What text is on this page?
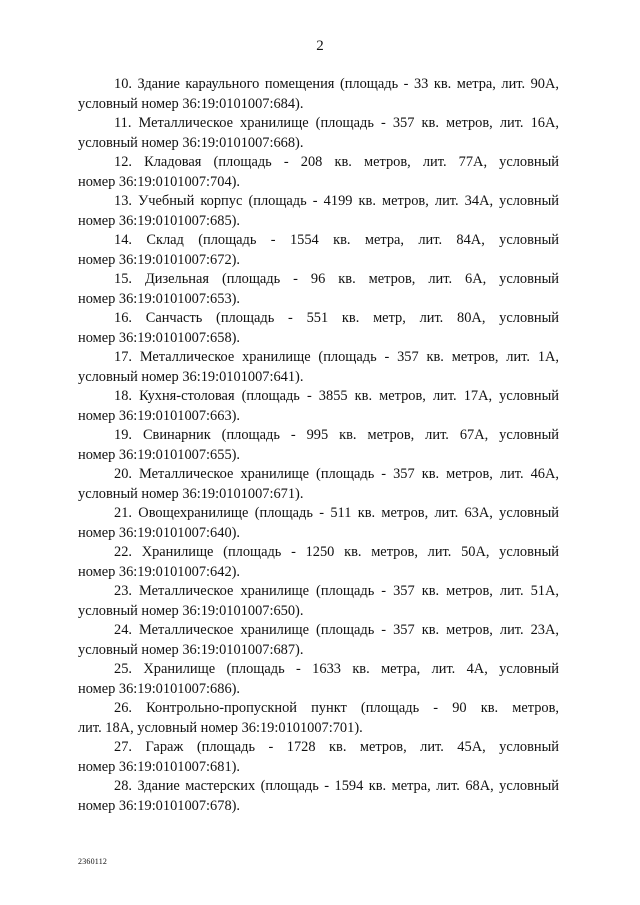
2
10. Здание караульного помещения (площадь - 33 кв. метра, лит. 90А,
условный номер 36:19:0101007:684).
11. Металлическое хранилище (площадь - 357 кв. метров, лит. 16А,
условный номер 36:19:0101007:668).
12. Кладовая (площадь - 208 кв. метров, лит. 77А, условный
номер 36:19:0101007:704).
13. Учебный корпус (площадь - 4199 кв. метров, лит. 34А, условный
номер 36:19:0101007:685).
14. Склад (площадь - 1554 кв. метра, лит. 84А, условный
номер 36:19:0101007:672).
15. Дизельная (площадь - 96 кв. метров, лит. 6А, условный
номер 36:19:0101007:653).
16. Санчасть (площадь - 551 кв. метр, лит. 80А, условный
номер 36:19:0101007:658).
17. Металлическое хранилище (площадь - 357 кв. метров, лит. 1А,
условный номер 36:19:0101007:641).
18. Кухня-столовая (площадь - 3855 кв. метров, лит. 17А, условный
номер 36:19:0101007:663).
19. Свинарник (площадь - 995 кв. метров, лит. 67А, условный
номер 36:19:0101007:655).
20. Металлическое хранилище (площадь - 357 кв. метров, лит. 46А,
условный номер 36:19:0101007:671).
21. Овощехранилище (площадь - 511 кв. метров, лит. 63А, условный
номер 36:19:0101007:640).
22. Хранилище (площадь - 1250 кв. метров, лит. 50А, условный
номер 36:19:0101007:642).
23. Металлическое хранилище (площадь - 357 кв. метров, лит. 51А,
условный номер 36:19:0101007:650).
24. Металлическое хранилище (площадь - 357 кв. метров, лит. 23А,
условный номер 36:19:0101007:687).
25. Хранилище (площадь - 1633 кв. метра, лит. 4А, условный
номер 36:19:0101007:686).
26. Контрольно-пропускной пункт (площадь - 90 кв. метров,
лит. 18А, условный номер 36:19:0101007:701).
27. Гараж (площадь - 1728 кв. метров, лит. 45А, условный
номер 36:19:0101007:681).
28. Здание мастерских (площадь - 1594 кв. метра, лит. 68А, условный
номер 36:19:0101007:678).
2360112
